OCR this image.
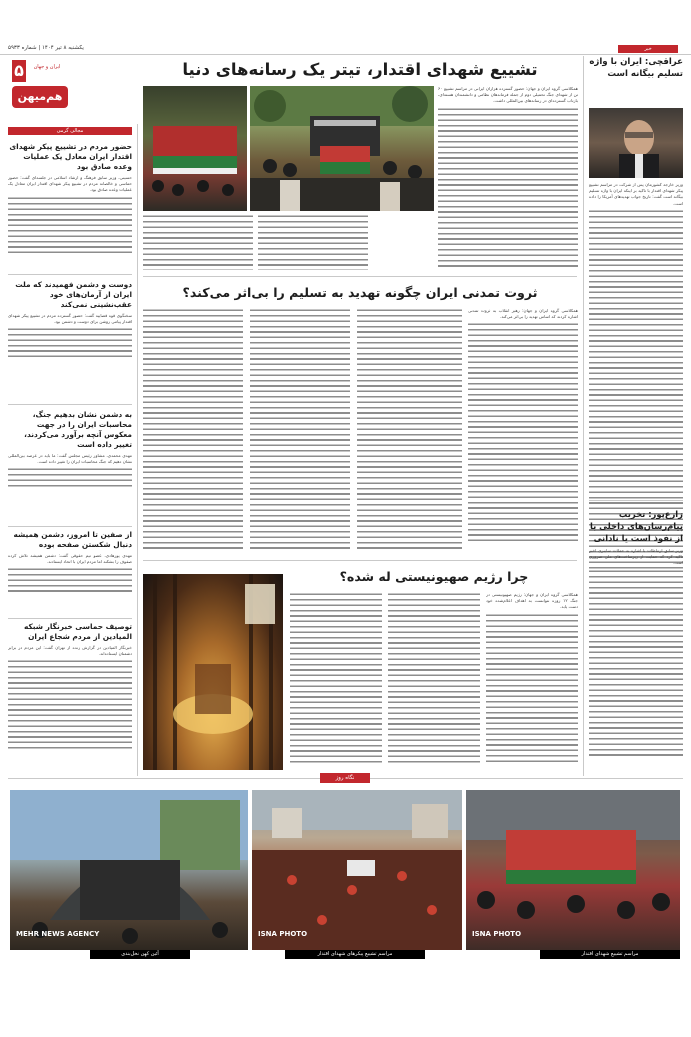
یکشنبه ۸ تیر ۱۴۰۴ | شماره ۵۹۳۳
۵	ایران و جهان
هم‌میهن
مجالی گرمی
حضور مردم در تشییع پیکر شهدای اقتدار ایران معادل یک عملیات وعده صادق بود
حسینی، وزیر سابق فرهنگ و ارشاد اسلامی در جلسه‌ای گفت: حضور حماسی و خالصانه مردم در تشییع پیکر شهدای اقتدار ایران معادل یک عملیات وعده صادق بود.
دوست و دشمن فهمیدند که ملت ایران از آرمان‌های خود عقب‌نشینی نمی‌کند
سخنگوی قوه قضاییه گفت: حضور گسترده مردم در تشییع پیکر شهدای اقتدار پیامی روشن برای دوست و دشمن بود.
به دشمن نشان بدهیم جنگ، محاسبات ایران را در جهت معکوس آنچه برآورد می‌کردند، تغییر داده است
مهدی محمدی، مشاور رئیس مجلس گفت: ما باید در عرصه بین‌المللی نشان دهیم که جنگ محاسبات ایران را تغییر داده است.
از صفین تا امروز، دشمن همیشه دنبال شکستن صفحه بوده
مهدی پورهادی، عضو تیم حقوقی گفت: دشمن همیشه تلاش کرده صفوف را بشکند اما مردم ایران با اتحاد ایستادند.
توصیف حماسی خبرنگار شبکه المیادین از مردم شجاع ایران
خبرنگار المیادین در گزارش زنده از تهران گفت: این مردم در برابر دشمنان ایستاده‌اند.
تشییع شهدای اقتدار، تیتر یک رسانه‌های دنیا
همکلاسی گروه ایران و جهان: حضور گسترده هزاران ایرانی در مراسم تشییع ۶۰ تن از شهدای جنگ تحمیلی دوم از جمله فرماندهان نظامی و دانشمندان هسته‌ای، بازتاب گسترده‌ای در رسانه‌های بین‌المللی داشت.
خبر
عراقچی: ایران با واژه تسلیم بیگانه است
وزیر خارجه کشورمان پس از شرکت در مراسم تشییع پیکر شهدای اقتدار با تاکید بر اینکه ایران با واژه تسلیم بیگانه است گفت: تاریخ جواب تهدیدهای آمریکا را داده است.
زارع‌پور: تخریب پیام‌رسان‌های داخلی با از نفوذ است یا نادانی
وزیر سابق ارتباطات با اشاره به حملات سایبری اخیر تاکید کرد که حمایت از زیرساخت‌های ملی ضروری است.
ثروت تمدنی ایران چگونه تهدید به تسلیم را بی‌اثر می‌کند؟
همکلاسی گروه ایران و جهان: رهبر انقلاب به ثروت تمدنی اشاره کردند که اساس تهدید را بی‌اثر می‌کند.
چرا رژیم صهیونیستی له شده؟
همکلاسی گروه ایران و جهان: رژیم صهیونیستی در جنگ ۱۲ روزه نتوانست به اهداف اعلام‌شده خود دست یابد.
نگاه روز
ISNA PHOTO
مراسم تشییع شهدای اقتدار
ISNA PHOTO
مراسم تشییع پیکرهای شهدای اقتدار
MEHR NEWS AGENCY
آئین کهن نخل‌بندی
